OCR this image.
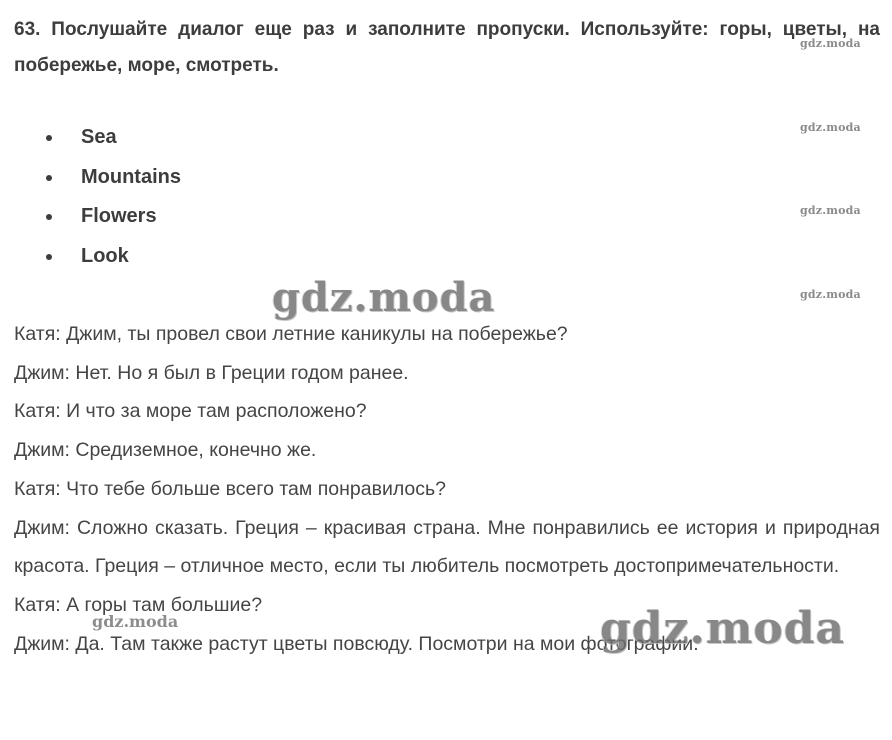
63. Послушайте диалог еще раз и заполните пропуски. Используйте: горы, цветы, на побережье, море, смотреть.

Sea
Mountains
Flowers
Look

Катя: Джим, ты провел свои летние каникулы на побережье?

Джим: Нет. Но я был в Греции годом ранее.

Катя: И что за море там расположено?

Джим: Средиземное, конечно же.

Катя: Что тебе больше всего там понравилось?

Джим: Сложно сказать. Греция – красивая страна. Мне понравились ее история и природная красота. Греция – отличное место, если ты любитель посмотреть достопримечательности.

Катя: А горы там большие?

Джим: Да. Там также растут цветы повсюду. Посмотри на мои фотографии.

gdz.moda
gdz.moda
gdz.moda
gdz.moda
gdz.moda
gdz.moda	gdz.moda
